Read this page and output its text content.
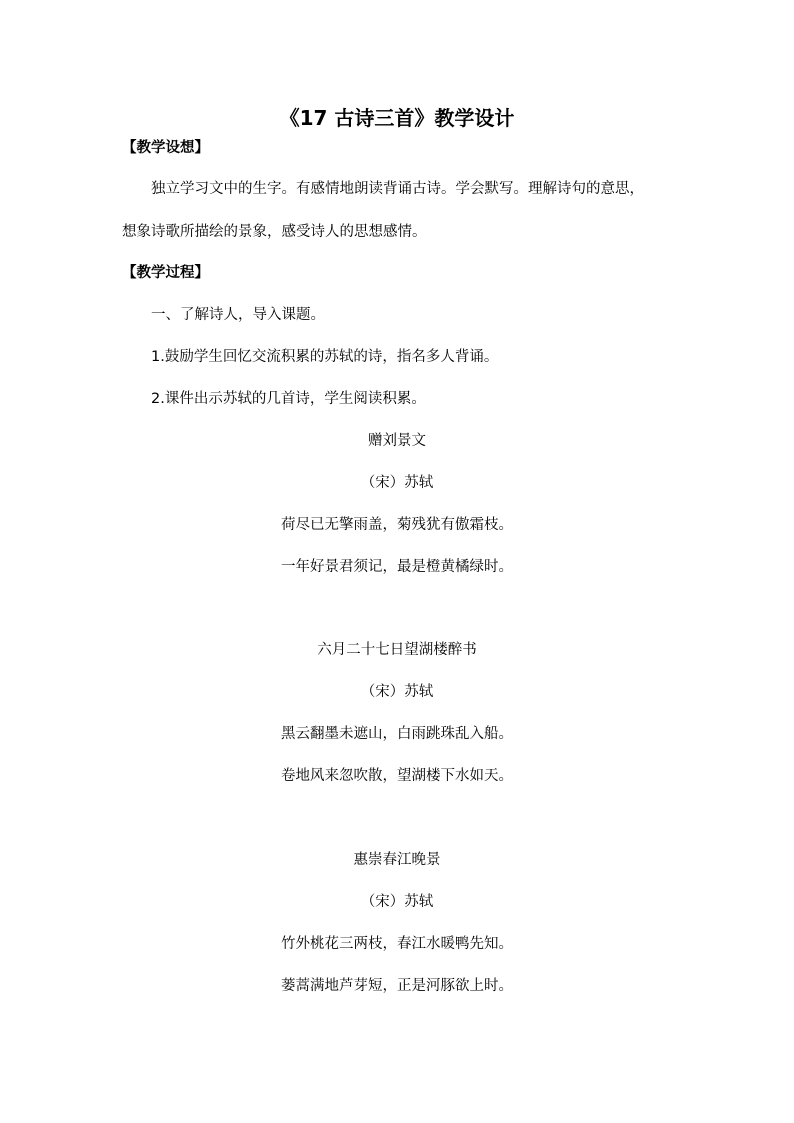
《17 古诗三首》教学设计
【教学设想】
独立学习文中的生字。有感情地朗读背诵古诗。学会默写。理解诗句的意思，
想象诗歌所描绘的景象，感受诗人的思想感情。
【教学过程】
一、了解诗人，导入课题。
1.鼓励学生回忆交流积累的苏轼的诗，指名多人背诵。
2.课件出示苏轼的几首诗，学生阅读积累。
赠刘景文
（宋）苏轼
荷尽已无擎雨盖，菊残犹有傲霜枝。
一年好景君须记，最是橙黄橘绿时。
六月二十七日望湖楼醉书
（宋）苏轼
黑云翻墨未遮山，白雨跳珠乱入船。
卷地风来忽吹散，望湖楼下水如天。
惠崇春江晚景
（宋）苏轼
竹外桃花三两枝，春江水暖鸭先知。
蒌蒿满地芦芽短，正是河豚欲上时。
